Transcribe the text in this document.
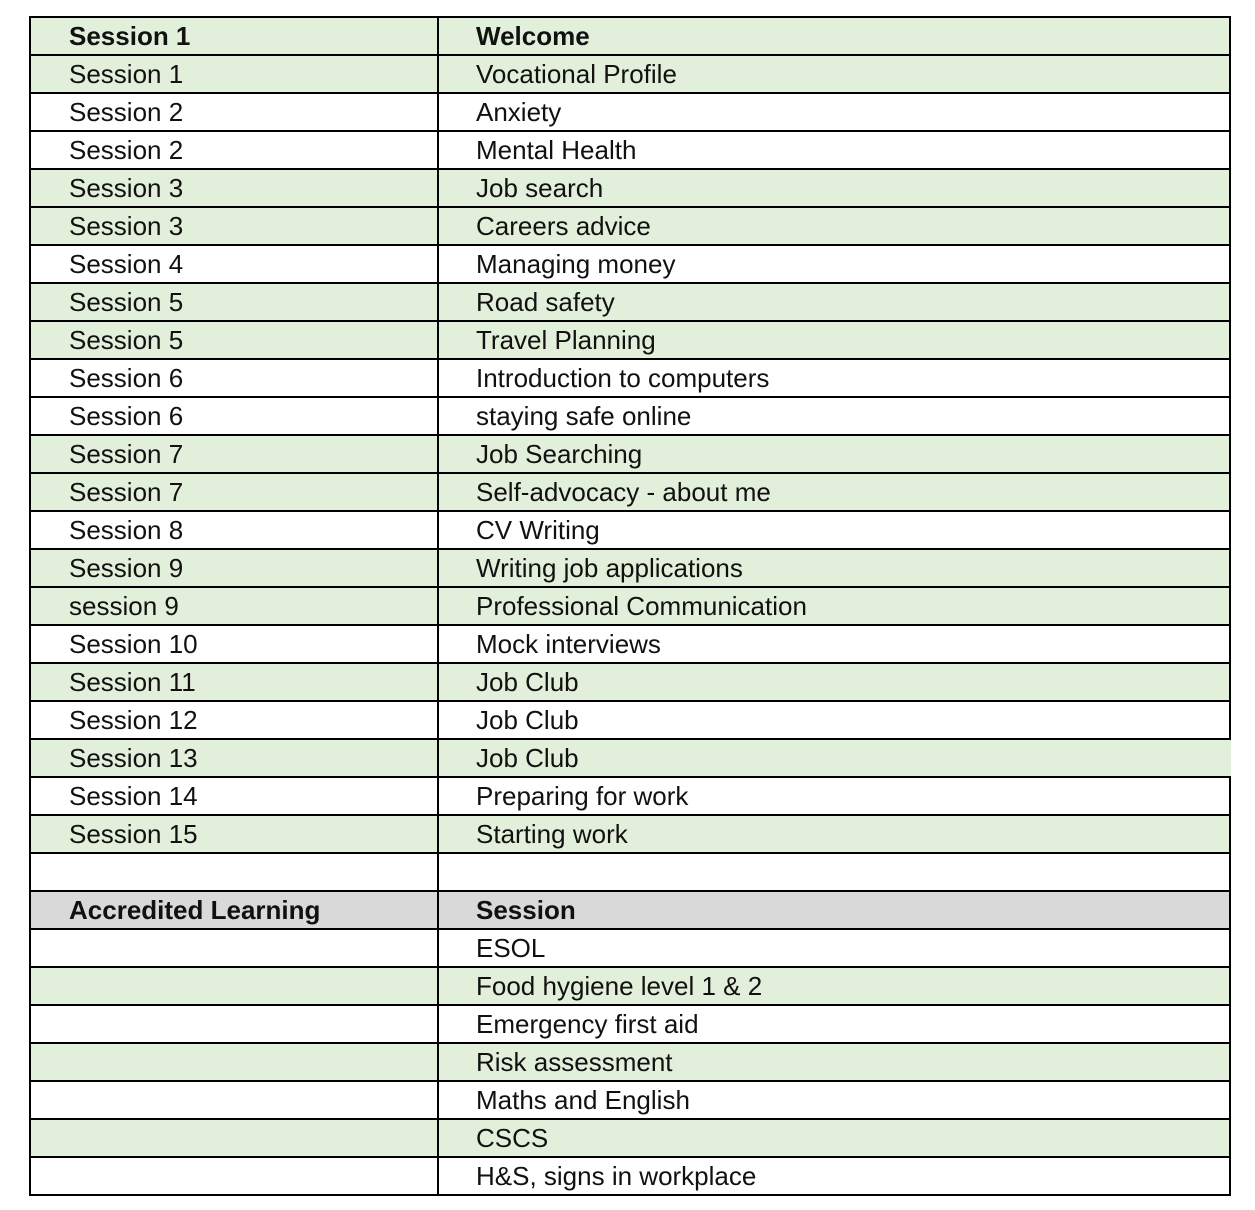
Session 1	Welcome
Session 1	Vocational Profile
Session 2	Anxiety
Session 2	Mental Health
Session 3	Job search
Session 3	Careers advice
Session 4	Managing money
Session 5	Road safety
Session 5	Travel Planning
Session 6	Introduction to computers
Session 6	staying safe online
Session 7	Job Searching
Session 7	Self-advocacy - about me
Session 8	CV Writing
Session 9	Writing job applications
session 9	Professional Communication
Session 10	Mock interviews
Session 11	Job Club
Session 12	Job Club
Session 13	Job Club
Session 14	Preparing for work
Session 15	Starting work

Accredited Learning	Session
	ESOL
	Food hygiene level 1 & 2
	Emergency first aid
	Risk assessment
	Maths and English
	CSCS
	H&S, signs in workplace
